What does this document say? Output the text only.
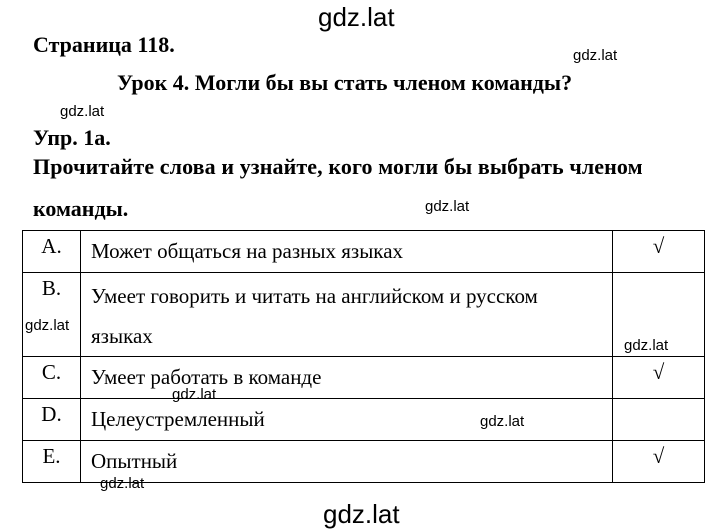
gdz.lat
Страница 118.
Урок 4. Могли бы вы стать членом команды?
Упр. 1а.
Прочитайте слова и узнайте, кого могли бы выбрать членом
команды.
A.	Может общаться на разных языках	√
B.	Умеет говорить и читать на английском и русском
языках	

C.	Умеет работать в команде	√
D.	Целеустремленный	
E.	Опытный	√
gdz.lat
gdz.lat
gdz.lat
gdz.lat
gdz.lat
gdz.lat
gdz.lat
gdz.lat
gdz.lat
